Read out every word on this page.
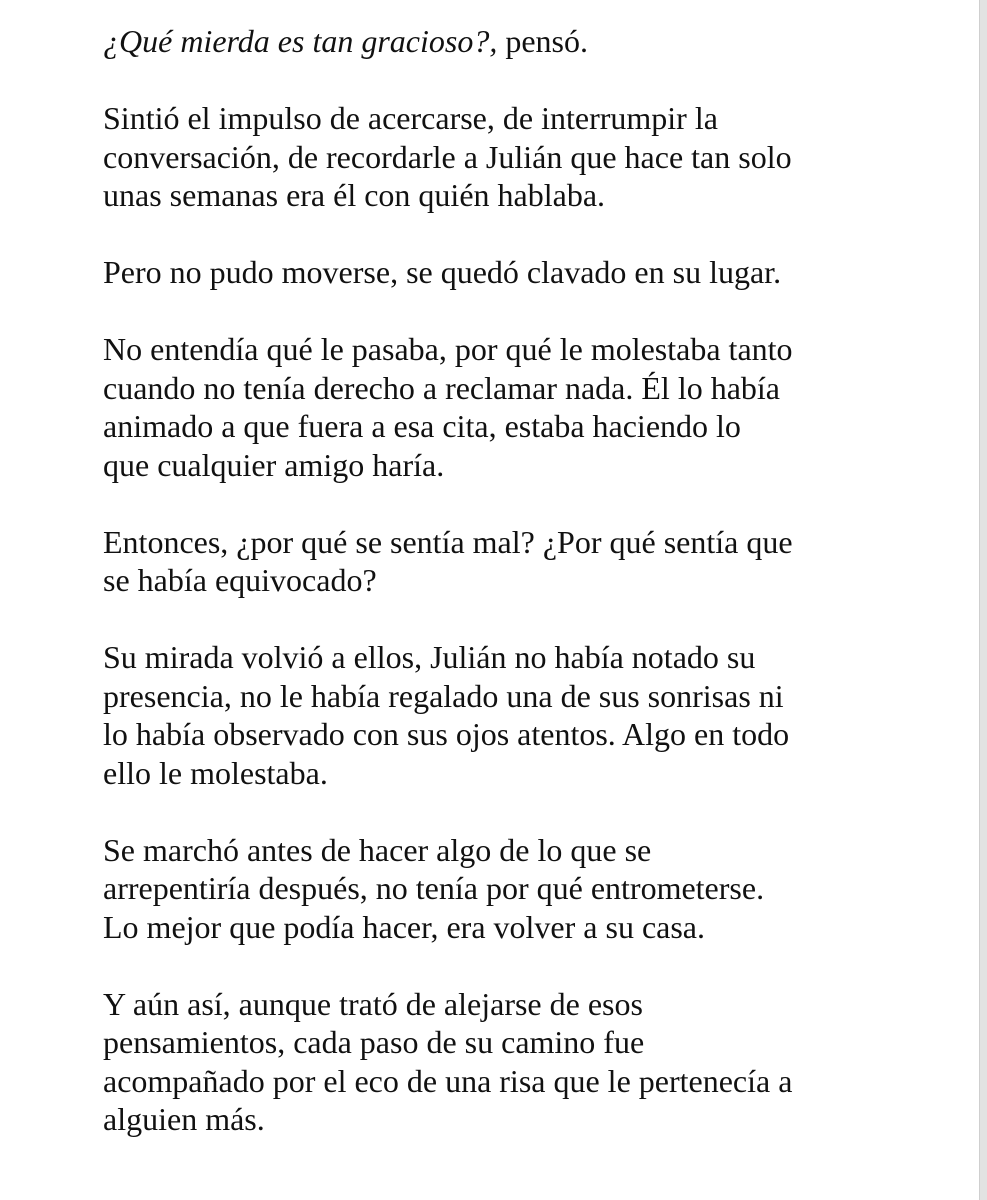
¿Qué mierda es tan gracioso?, pensó.

Sintió el impulso de acercarse, de interrumpir la
conversación, de recordarle a Julián que hace tan solo
unas semanas era él con quién hablaba.

Pero no pudo moverse, se quedó clavado en su lugar.

No entendía qué le pasaba, por qué le molestaba tanto
cuando no tenía derecho a reclamar nada. Él lo había
animado a que fuera a esa cita, estaba haciendo lo
que cualquier amigo haría.

Entonces, ¿por qué se sentía mal? ¿Por qué sentía que
se había equivocado?

Su mirada volvió a ellos, Julián no había notado su
presencia, no le había regalado una de sus sonrisas ni
lo había observado con sus ojos atentos. Algo en todo
ello le molestaba.

Se marchó antes de hacer algo de lo que se
arrepentiría después, no tenía por qué entrometerse.
Lo mejor que podía hacer, era volver a su casa.

Y aún así, aunque trató de alejarse de esos
pensamientos, cada paso de su camino fue
acompañado por el eco de una risa que le pertenecía a
alguien más.
